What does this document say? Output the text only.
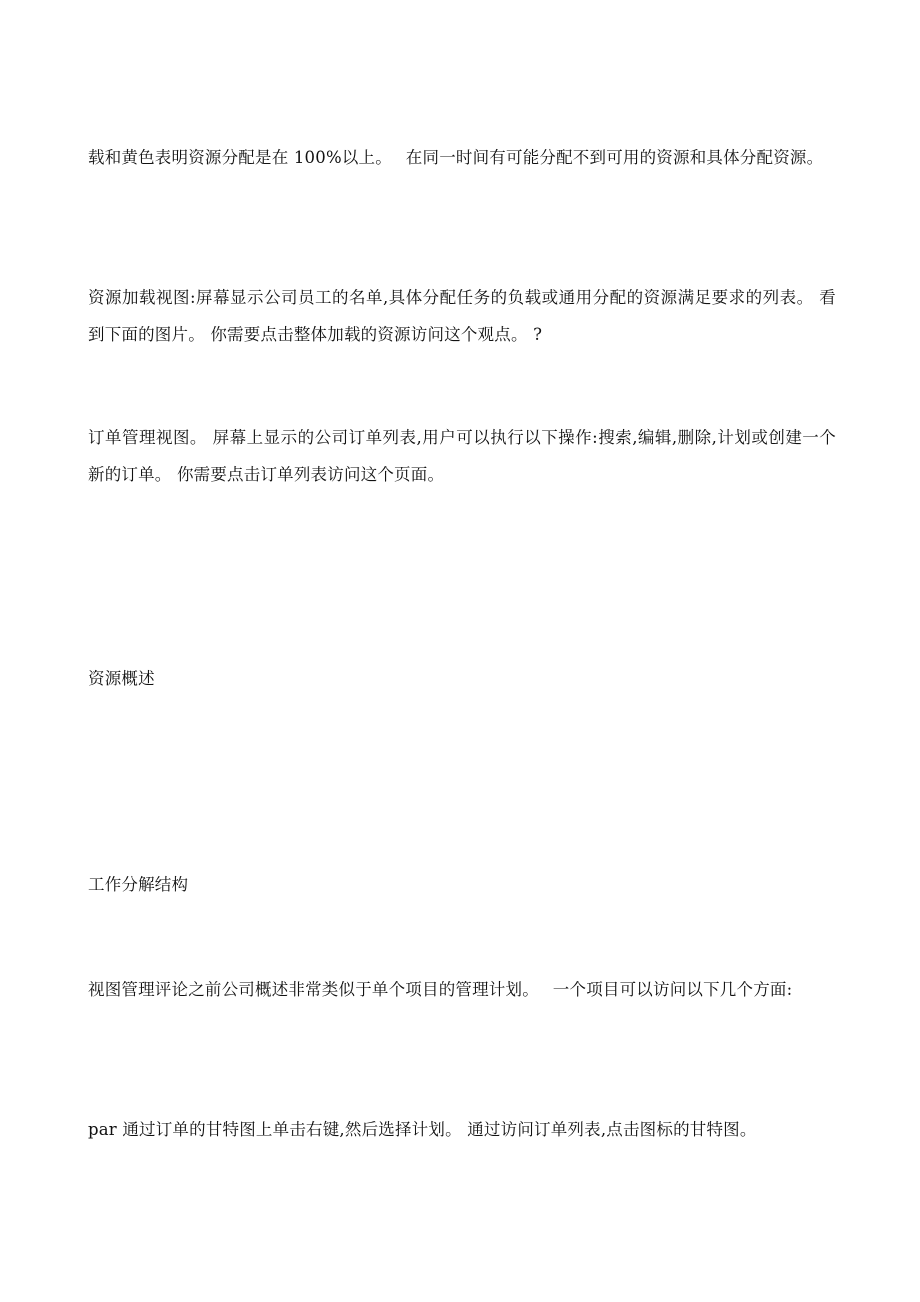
载和黄色表明资源分配是在 100%以上。　 在同一时间有可能分配不到可用的资源和具体分配资源。

资源加载视图:屏幕显示公司员工的名单,具体分配任务的负载或通用分配的资源满足要求的列表。 看到下面的图片。 你需要点击整体加载的资源访问这个观点。 ?

订单管理视图。 屏幕上显示的公司订单列表,用户可以执行以下操作:搜索,编辑,删除,计划或创建一个新的订单。 你需要点击订单列表访问这个页面。

资源概述
工作分解结构

视图管理评论之前公司概述非常类似于单个项目的管理计划。　 一个项目可以访问以下几个方面:

par 通过订单的甘特图上单击右键,然后选择计划。 通过访问订单列表,点击图标的甘特图。
